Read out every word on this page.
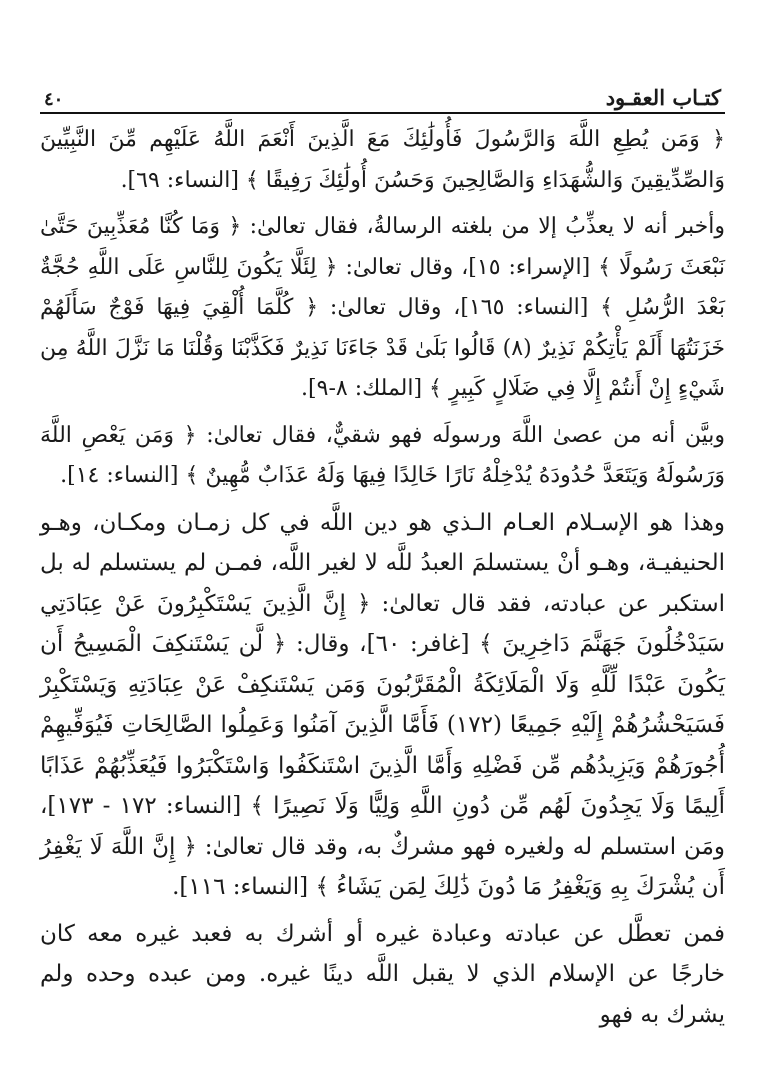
كتـاب العقـود
٤٠

﴿ وَمَن يُطِعِ اللَّهَ وَالرَّسُولَ فَأُولَٰئِكَ مَعَ الَّذِينَ أَنْعَمَ اللَّهُ عَلَيْهِم مِّنَ النَّبِيِّينَ وَالصِّدِّيقِينَ وَالشُّهَدَاءِ وَالصَّالِحِينَ وَحَسُنَ أُولَٰئِكَ رَفِيقًا ﴾ [النساء: ٦٩].

وأخبر أنه لا يعذِّبُ إلا من بلغته الرسالةُ، فقال تعالىٰ: ﴿ وَمَا كُنَّا مُعَذِّبِينَ حَتَّىٰ نَبْعَثَ رَسُولًا ﴾ [الإسراء: ١٥]، وقال تعالىٰ: ﴿ لِئَلَّا يَكُونَ لِلنَّاسِ عَلَى اللَّهِ حُجَّةٌ بَعْدَ الرُّسُلِ ﴾ [النساء: ١٦٥]، وقال تعالىٰ: ﴿ كُلَّمَا أُلْقِيَ فِيهَا فَوْجٌ سَأَلَهُمْ خَزَنَتُهَا أَلَمْ يَأْتِكُمْ نَذِيرٌ (٨) قَالُوا بَلَىٰ قَدْ جَاءَنَا نَذِيرٌ فَكَذَّبْنَا وَقُلْنَا مَا نَزَّلَ اللَّهُ مِن شَيْءٍ إِنْ أَنتُمْ إِلَّا فِي ضَلَالٍ كَبِيرٍ ﴾ [الملك: ٨-٩].

وبيَّن أنه من عصىٰ اللَّهَ ورسولَه فهو شقيٌّ، فقال تعالىٰ: ﴿ وَمَن يَعْصِ اللَّهَ وَرَسُولَهُ وَيَتَعَدَّ حُدُودَهُ يُدْخِلْهُ نَارًا خَالِدًا فِيهَا وَلَهُ عَذَابٌ مُّهِينٌ ﴾ [النساء: ١٤].

وهذا هو الإسـلام العـام الـذي هو دين اللَّه في كل زمـان ومكـان، وهـو الحنيفيـة، وهـو أنْ يستسلمَ العبدُ للَّه لا لغير اللَّه، فمـن لم يستسلم له بل استكبر عن عبادته، فقد قال تعالىٰ: ﴿ إِنَّ الَّذِينَ يَسْتَكْبِرُونَ عَنْ عِبَادَتِي سَيَدْخُلُونَ جَهَنَّمَ دَاخِرِينَ ﴾ [غافر: ٦٠]، وقال: ﴿ لَّن يَسْتَنكِفَ الْمَسِيحُ أَن يَكُونَ عَبْدًا لِّلَّهِ وَلَا الْمَلَائِكَةُ الْمُقَرَّبُونَ وَمَن يَسْتَنكِفْ عَنْ عِبَادَتِهِ وَيَسْتَكْبِرْ فَسَيَحْشُرُهُمْ إِلَيْهِ جَمِيعًا (١٧٢) فَأَمَّا الَّذِينَ آمَنُوا وَعَمِلُوا الصَّالِحَاتِ فَيُوَفِّيهِمْ أُجُورَهُمْ وَيَزِيدُهُم مِّن فَضْلِهِ وَأَمَّا الَّذِينَ اسْتَنكَفُوا وَاسْتَكْبَرُوا فَيُعَذِّبُهُمْ عَذَابًا أَلِيمًا وَلَا يَجِدُونَ لَهُم مِّن دُونِ اللَّهِ وَلِيًّا وَلَا نَصِيرًا ﴾ [النساء: ١٧٢ - ١٧٣]، ومَن استسلم له ولغيره فهو مشركٌ به، وقد قال تعالىٰ: ﴿ إِنَّ اللَّهَ لَا يَغْفِرُ أَن يُشْرَكَ بِهِ وَيَغْفِرُ مَا دُونَ ذَٰلِكَ لِمَن يَشَاءُ ﴾ [النساء: ١١٦].

فمن تعطَّل عن عبادته وعبادة غيره أو أشرك به فعبد غيره معه كان خارجًا عن الإسلام الذي لا يقبل اللَّه دينًا غيره. ومن عبده وحده ولم يشرك به فهو
